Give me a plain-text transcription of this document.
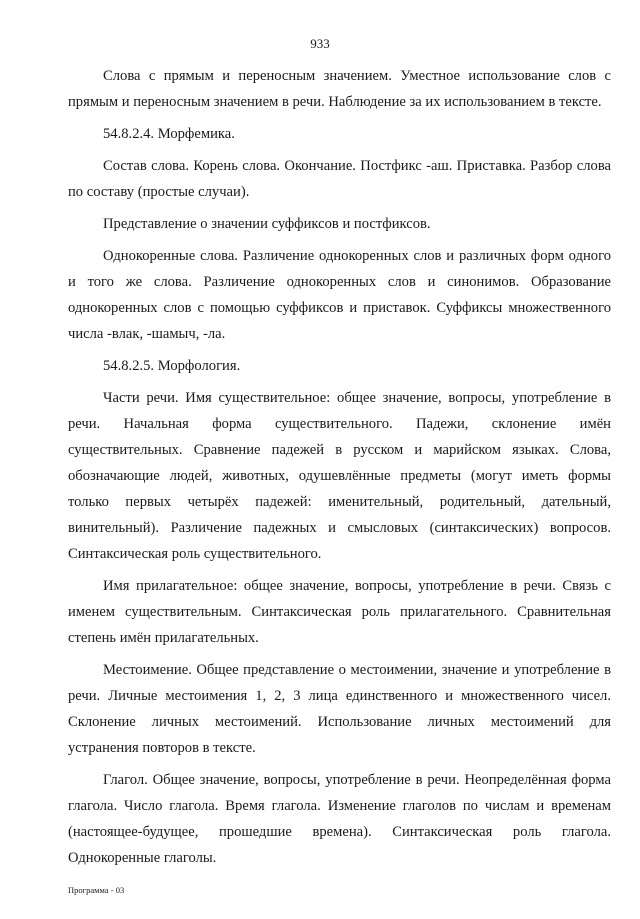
933

Слова с прямым и переносным значением. Уместное использование слов с прямым и переносным значением в речи. Наблюдение за их использованием в тексте.

54.8.2.4. Морфемика.

Состав слова. Корень слова. Окончание. Постфикс -аш. Приставка. Разбор слова по составу (простые случаи).

Представление о значении суффиксов и постфиксов.

Однокоренные слова. Различение однокоренных слов и различных форм одного и того же слова. Различение однокоренных слов и синонимов. Образование однокоренных слов с помощью суффиксов и приставок. Суффиксы множественного числа -влак, -шамыч, -ла.

54.8.2.5. Морфология.

Части речи. Имя существительное: общее значение, вопросы, употребление в речи. Начальная форма существительного. Падежи, склонение имён существительных. Сравнение падежей в русском и марийском языках. Слова, обозначающие людей, животных, одушевлённые предметы (могут иметь формы только первых четырёх падежей: именительный, родительный, дательный, винительный). Различение падежных и смысловых (синтаксических) вопросов. Синтаксическая роль существительного.

Имя прилагательное: общее значение, вопросы, употребление в речи. Связь с именем существительным. Синтаксическая роль прилагательного. Сравнительная степень имён прилагательных.

Местоимение. Общее представление о местоимении, значение и употребление в речи. Личные местоимения 1, 2, 3 лица единственного и множественного чисел. Склонение личных местоимений. Использование личных местоимений для устранения повторов в тексте.

Глагол. Общее значение, вопросы, употребление в речи. Неопределённая форма глагола. Число глагола. Время глагола. Изменение глаголов по числам и временам (настоящее-будущее, прошедшие времена). Синтаксическая роль глагола. Однокоренные глаголы.

Программа - 03
